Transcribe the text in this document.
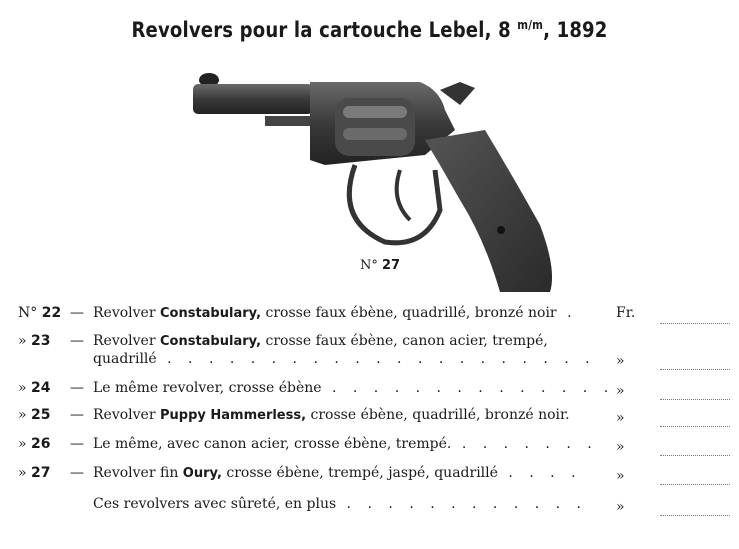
Revolvers pour la cartouche Lebel, 8 $^{m/m}$, 1892
N° 27
N° 22 — Revolver Constabulary, crosse faux ébène, quadrillé, bronzé noir .	Fr.
» 23	— Revolver Constabulary, crosse faux ébène, canon acier, trempé,
quadrillé . . . . . . . . . . . . . . . . . . . . . »
» 24	— Le même revolver, crosse ébène . . . . . . . . . . . . . . »
» 25	— Revolver Puppy Hammerless, crosse ébène, quadrillé, bronzé noir.	»
» 26	— Le même, avec canon acier, crosse ébène, trempé. . . . . . . . »
» 27	— Revolver fin Oury, crosse ébène, trempé, jaspé, quadrillé . . . . »
Ces revolvers avec sûreté, en plus . . . . . . . . . . . . »
